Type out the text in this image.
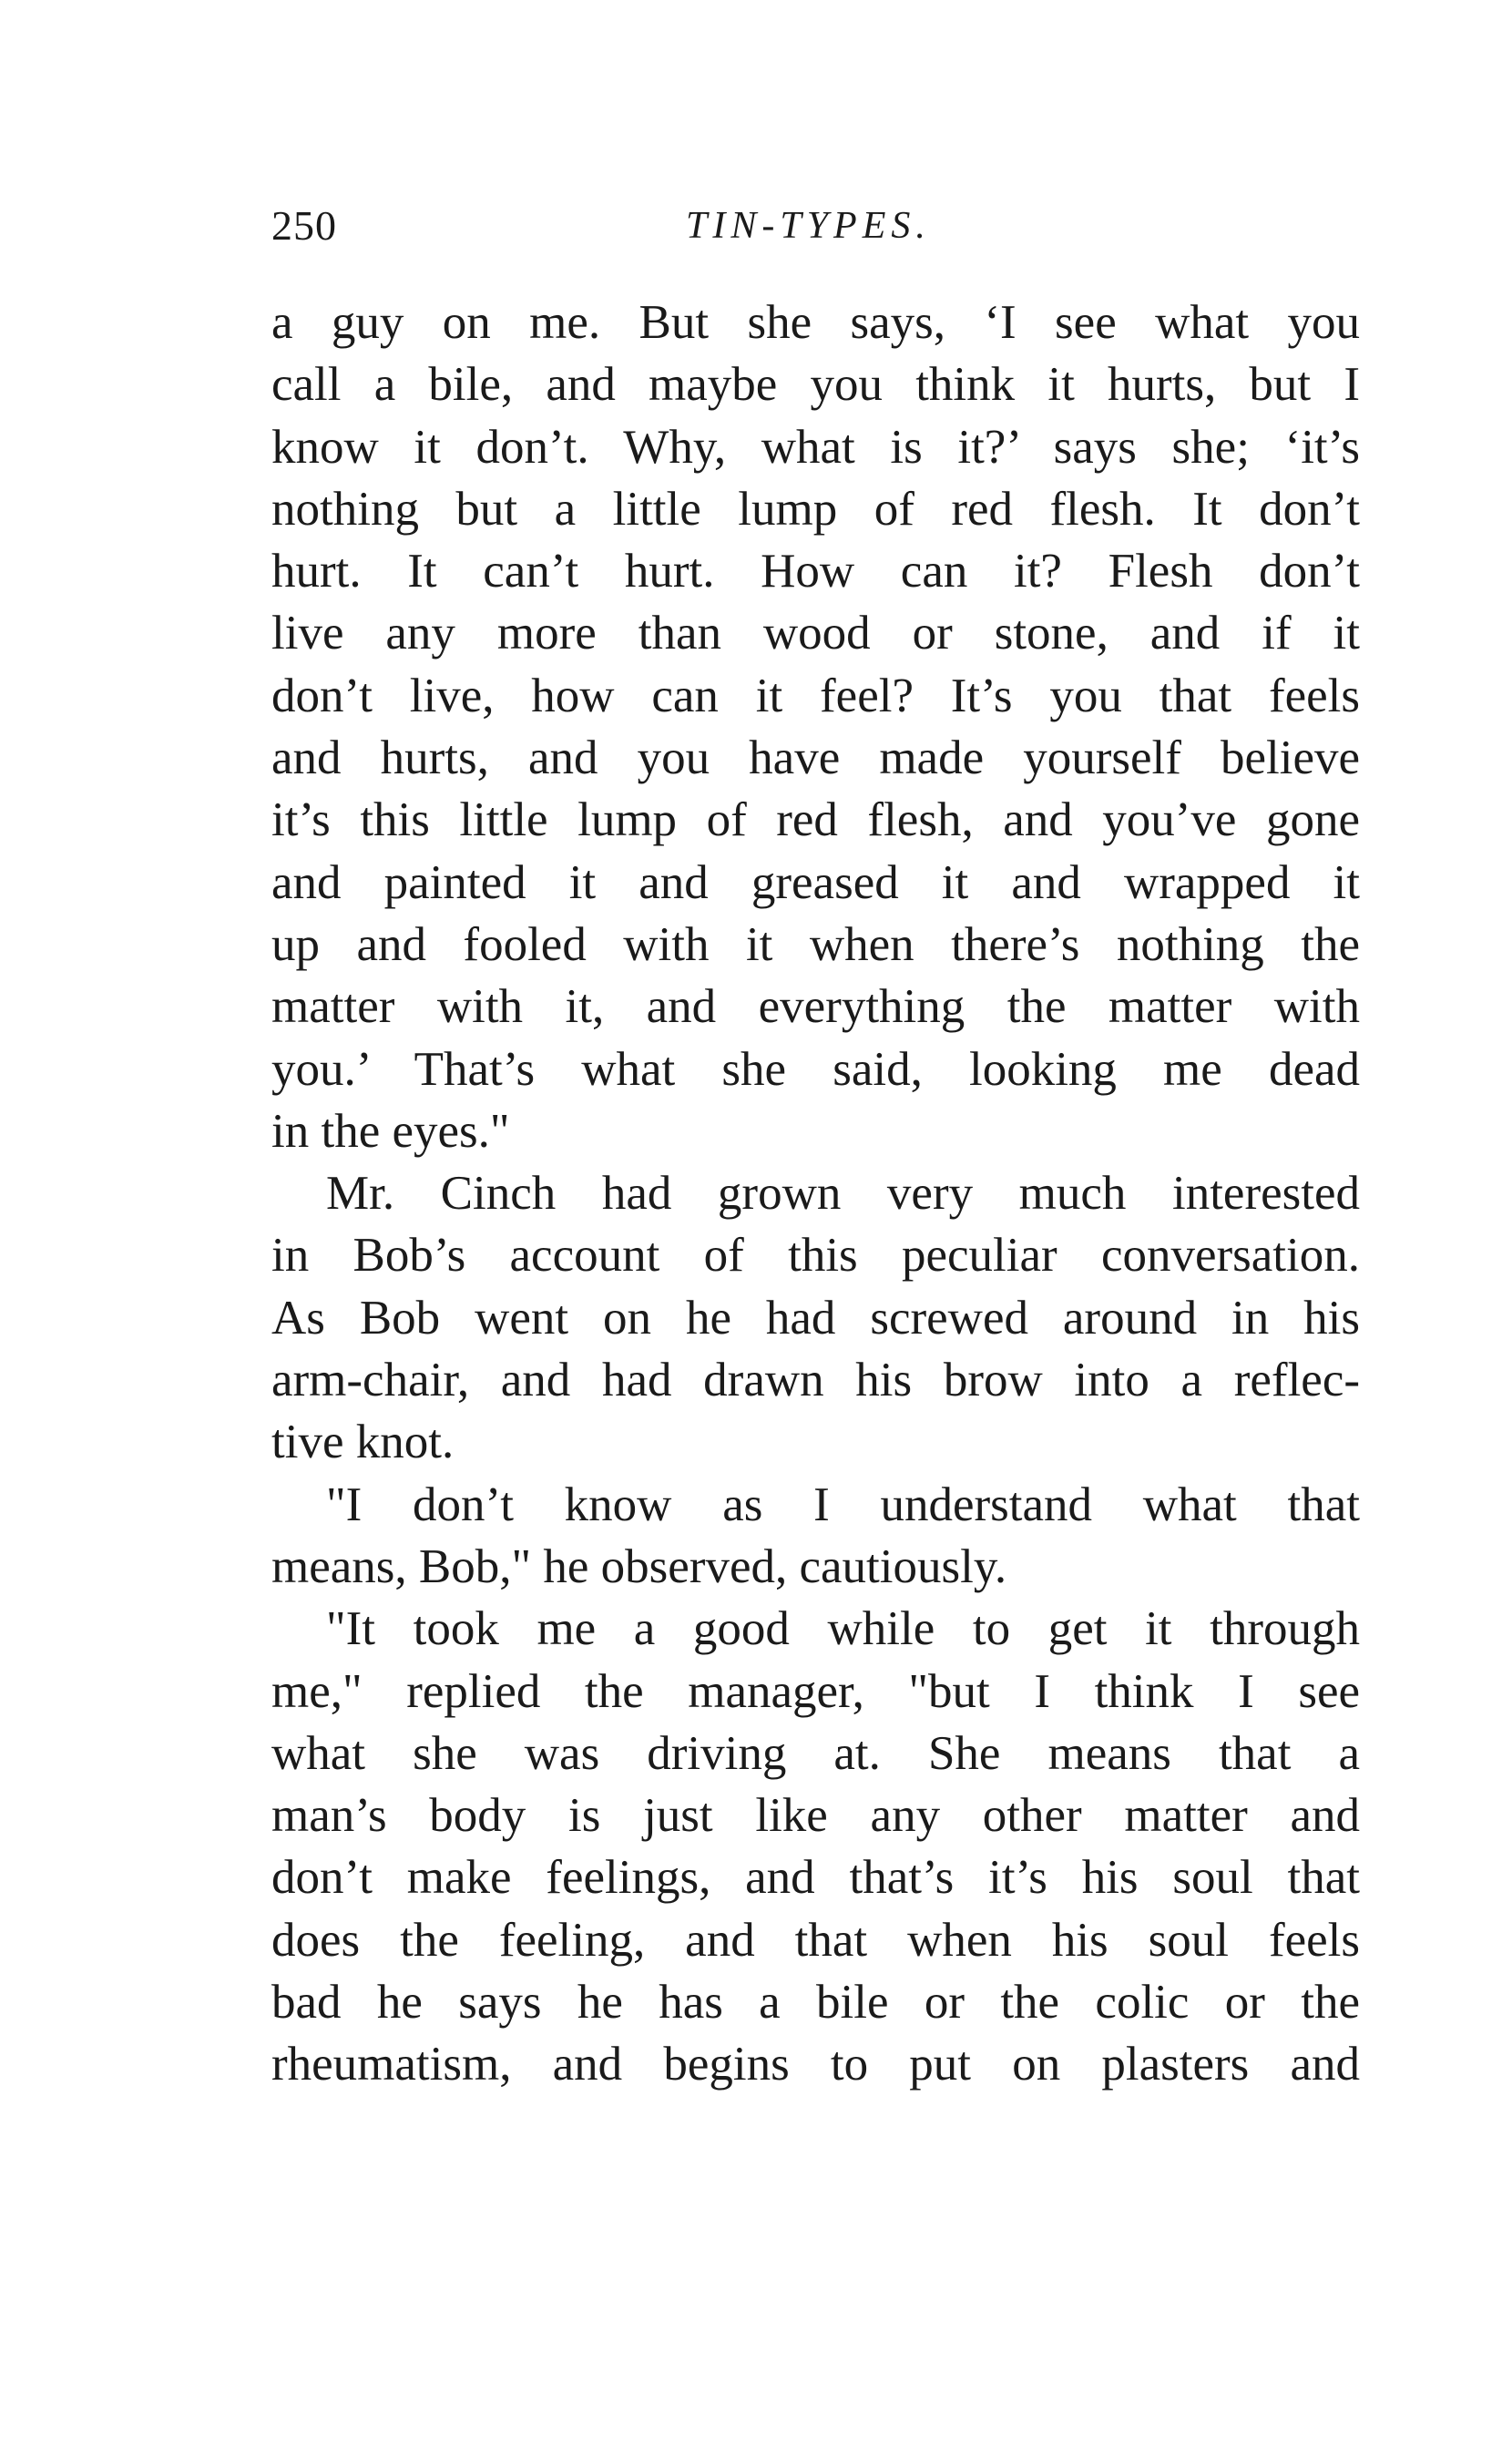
250	TIN-TYPES.
a guy on me. But she says, ‘I see what you
call a bile, and maybe you think it hurts, but I
know it don’t. Why, what is it?’ says she; ‘it’s
nothing but a little lump of red flesh. It don’t
hurt. It can’t hurt. How can it? Flesh don’t
live any more than wood or stone, and if it
don’t live, how can it feel? It’s you that feels
and hurts, and you have made yourself believe
it’s this little lump of red flesh, and you’ve gone
and painted it and greased it and wrapped it
up and fooled with it when there’s nothing the
matter with it, and everything the matter with
you.’ That’s what she said, looking me dead
in the eyes."
Mr. Cinch had grown very much interested
in Bob’s account of this peculiar conversation.
As Bob went on he had screwed around in his
arm-chair, and had drawn his brow into a reflec-
tive knot.
"I don’t know as I understand what that
means, Bob," he observed, cautiously.
"It took me a good while to get it through
me," replied the manager, "but I think I see
what she was driving at. She means that a
man’s body is just like any other matter and
don’t make feelings, and that’s it’s his soul that
does the feeling, and that when his soul feels
bad he says he has a bile or the colic or the
rheumatism, and begins to put on plasters and
